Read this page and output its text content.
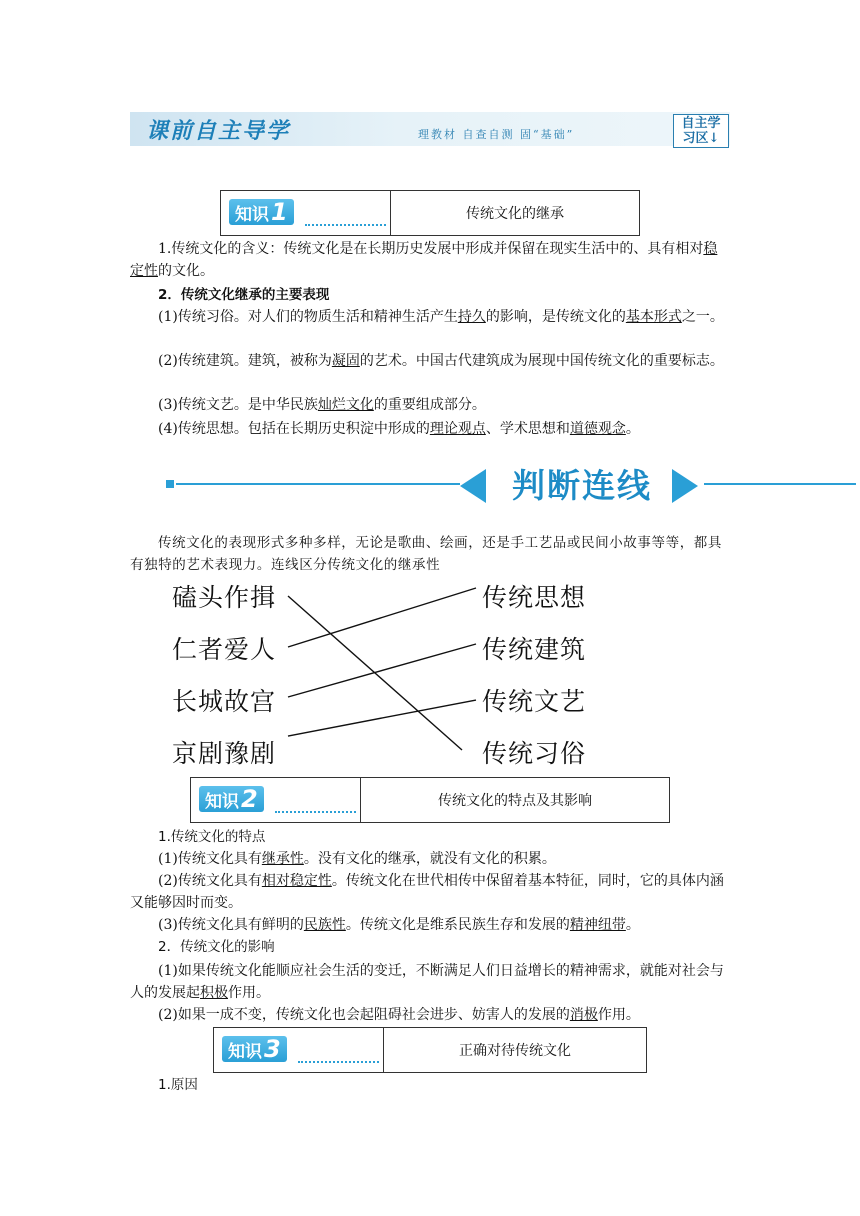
课前自主导学	理教材 自查自测 固“基础”
自主学
习区↓
知识1	传统文化的继承
1.传统文化的含义：传统文化是在长期历史发展中形成并保留在现实生活中的、具有相对稳定性的文化。
2．传统文化继承的主要表现
(1)传统习俗。对人们的物质生活和精神生活产生持久的影响，是传统文化的基本形式之一。
(2)传统建筑。建筑，被称为凝固的艺术。中国古代建筑成为展现中国传统文化的重要标志。
(3)传统文艺。是中华民族灿烂文化的重要组成部分。
(4)传统思想。包括在长期历史积淀中形成的理论观点、学术思想和道德观念。
判断连线
传统文化的表现形式多种多样，无论是歌曲、绘画，还是手工艺品或民间小故事等等，都具有独特的艺术表现力。连线区分传统文化的继承性
磕头作揖
仁者爱人
长城故宫
京剧豫剧
传统思想
传统建筑
传统文艺
传统习俗
知识2	传统文化的特点及其影响
1.传统文化的特点
(1)传统文化具有继承性。没有文化的继承，就没有文化的积累。
(2)传统文化具有相对稳定性。传统文化在世代相传中保留着基本特征，同时，它的具体内涵又能够因时而变。
(3)传统文化具有鲜明的民族性。传统文化是维系民族生存和发展的精神纽带。
2．传统文化的影响
(1)如果传统文化能顺应社会生活的变迁，不断满足人们日益增长的精神需求，就能对社会与人的发展起积极作用。
(2)如果一成不变，传统文化也会起阻碍社会进步、妨害人的发展的消极作用。
知识3	正确对待传统文化
1.原因
